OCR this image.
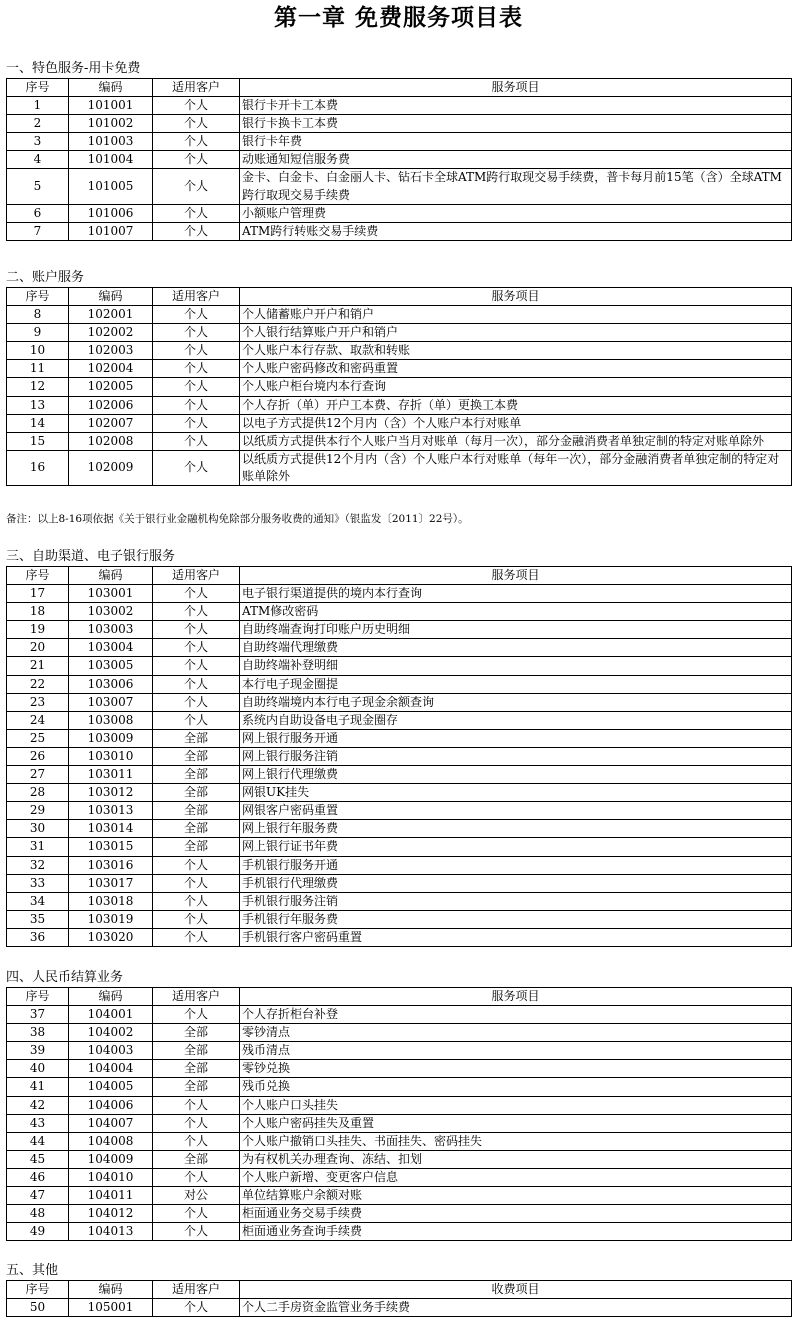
第一章 免费服务项目表
一、特色服务-用卡免费
序号	编码	适用客户	服务项目
1	101001	个人	银行卡开卡工本费
2	101002	个人	银行卡换卡工本费
3	101003	个人	银行卡年费
4	101004	个人	动账通知短信服务费
5	101005	个人	金卡、白金卡、白金丽人卡、钻石卡全球ATM跨行取现交易手续费，普卡每月前15笔（含）全球ATM跨行取现交易手续费
6	101006	个人	小额账户管理费
7	101007	个人	ATM跨行转账交易手续费
二、账户服务
序号	编码	适用客户	服务项目
8	102001	个人	个人储蓄账户开户和销户
9	102002	个人	个人银行结算账户开户和销户
10	102003	个人	个人账户本行存款、取款和转账
11	102004	个人	个人账户密码修改和密码重置
12	102005	个人	个人账户柜台境内本行查询
13	102006	个人	个人存折（单）开户工本费、存折（单）更换工本费
14	102007	个人	以电子方式提供12个月内（含）个人账户本行对账单
15	102008	个人	以纸质方式提供本行个人账户当月对账单（每月一次），部分金融消费者单独定制的特定对账单除外
16	102009	个人	以纸质方式提供12个月内（含）个人账户本行对账单（每年一次），部分金融消费者单独定制的特定对账单除外
备注：以上8-16项依据《关于银行业金融机构免除部分服务收费的通知》（银监发〔2011〕22号）。
三、自助渠道、电子银行服务
序号	编码	适用客户	服务项目
17	103001	个人	电子银行渠道提供的境内本行查询
18	103002	个人	ATM修改密码
19	103003	个人	自助终端查询打印账户历史明细
20	103004	个人	自助终端代理缴费
21	103005	个人	自助终端补登明细
22	103006	个人	本行电子现金圈提
23	103007	个人	自助终端境内本行电子现金余额查询
24	103008	个人	系统内自助设备电子现金圈存
25	103009	全部	网上银行服务开通
26	103010	全部	网上银行服务注销
27	103011	全部	网上银行代理缴费
28	103012	全部	网银UK挂失
29	103013	全部	网银客户密码重置
30	103014	全部	网上银行年服务费
31	103015	全部	网上银行证书年费
32	103016	个人	手机银行服务开通
33	103017	个人	手机银行代理缴费
34	103018	个人	手机银行服务注销
35	103019	个人	手机银行年服务费
36	103020	个人	手机银行客户密码重置
四、人民币结算业务
序号	编码	适用客户	服务项目
37	104001	个人	个人存折柜台补登
38	104002	全部	零钞清点
39	104003	全部	残币清点
40	104004	全部	零钞兑换
41	104005	全部	残币兑换
42	104006	个人	个人账户口头挂失
43	104007	个人	个人账户密码挂失及重置
44	104008	个人	个人账户撤销口头挂失、书面挂失、密码挂失
45	104009	全部	为有权机关办理查询、冻结、扣划
46	104010	个人	个人账户新增、变更客户信息
47	104011	对公	单位结算账户余额对账
48	104012	个人	柜面通业务交易手续费
49	104013	个人	柜面通业务查询手续费
五、其他
序号	编码	适用客户	收费项目
50	105001	个人	个人二手房资金监管业务手续费
